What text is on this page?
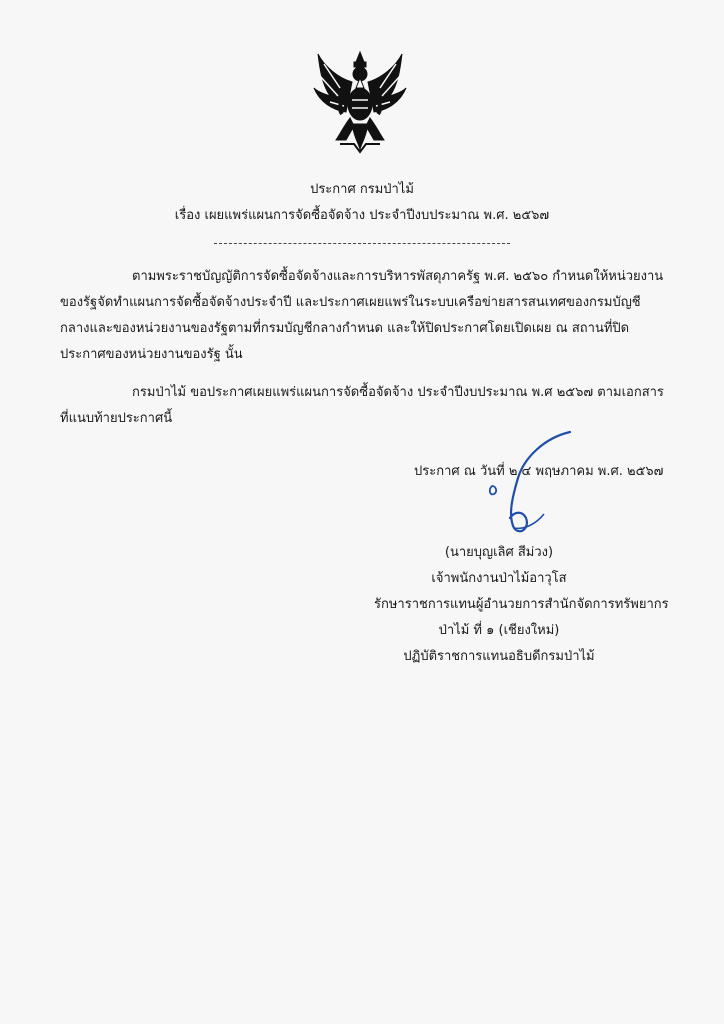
ประกาศ กรมป่าไม้
เรื่อง เผยแพร่แผนการจัดซื้อจัดจ้าง ประจำปีงบประมาณ พ.ศ. ๒๕๖๗
ตามพระราชบัญญัติการจัดซื้อจัดจ้างและการบริหารพัสดุภาครัฐ พ.ศ. ๒๕๖๐ กำหนดให้หน่วยงานของรัฐจัดทำแผนการจัดซื้อจัดจ้างประจำปี และประกาศเผยแพร่ในระบบเครือข่ายสารสนเทศของกรมบัญชีกลางและของหน่วยงานของรัฐตามที่กรมบัญชีกลางกำหนด และให้ปิดประกาศโดยเปิดเผย ณ สถานที่ปิดประกาศของหน่วยงานของรัฐ นั้น
กรมป่าไม้ ขอประกาศเผยแพร่แผนการจัดซื้อจัดจ้าง ประจำปีงบประมาณ พ.ศ ๒๕๖๗ ตามเอกสารที่แนบท้ายประกาศนี้
ประกาศ ณ วันที่ ๒ ๔ พฤษภาคม พ.ศ. ๒๕๖๗
(นายบุญเลิศ สีม่วง)
เจ้าพนักงานป่าไม้อาวุโส
รักษาราชการแทนผู้อำนวยการสำนักจัดการทรัพยากร
ป่าไม้ ที่ ๑ (เชียงใหม่)
ปฏิบัติราชการแทนอธิบดีกรมป่าไม้
